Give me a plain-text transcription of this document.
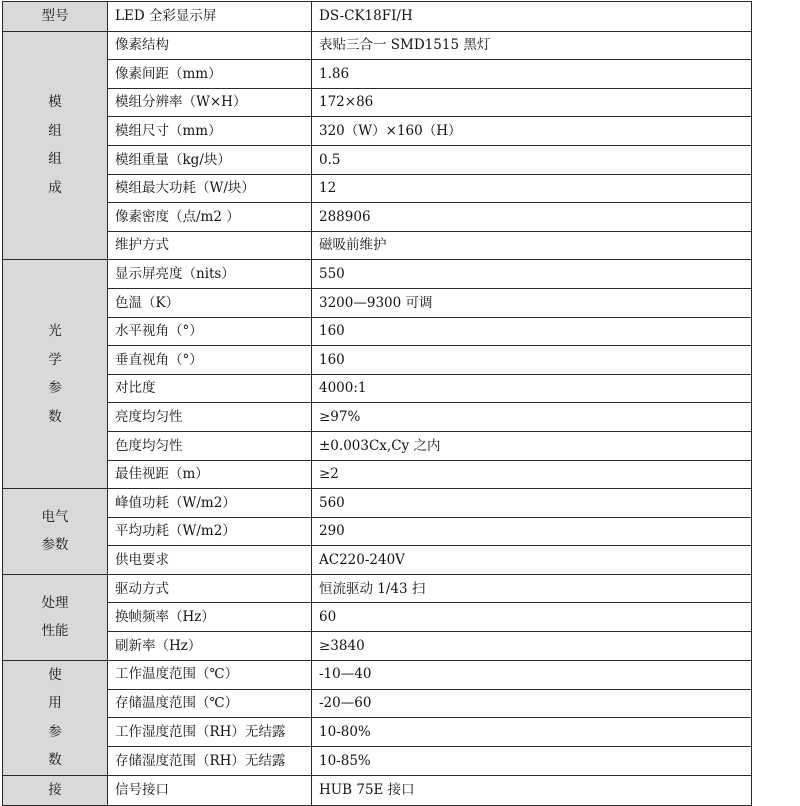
型号	LED 全彩显示屏	DS-CK18FI/H

模
组
组
成	像素结构	表贴三合一 SMD1515 黑灯
	像素间距（mm）	1.86
	模组分辨率（W×H）	172×86
	模组尺寸（mm）	320（W）×160（H）
	模组重量（kg/块）	0.5
	模组最大功耗（W/块）	12
	像素密度（点/m2 ）	288906
	维护方式	磁吸前维护

光
学
参
数	显示屏亮度（nits）	550
	色温（K）	3200—9300 可调
	水平视角（°）	160
	垂直视角（°）	160
	对比度	4000:1
	亮度均匀性	≥97%
	色度均匀性	±0.003Cx,Cy 之内
	最佳视距（m）	≥2

电气
参数	峰值功耗（W/m2）	560
	平均功耗（W/m2）	290
	供电要求	AC220-240V

处理
性能	驱动方式	恒流驱动 1/43 扫
	换帧频率（Hz）	60
	刷新率（Hz）	≥3840

使
用
参
数	工作温度范围（℃）	-10—40
	存储温度范围（℃）	-20—60
	工作湿度范围（RH）无结露	10-80%
	存储湿度范围（RH）无结露	10-85%

接	信号接口	HUB 75E 接口
